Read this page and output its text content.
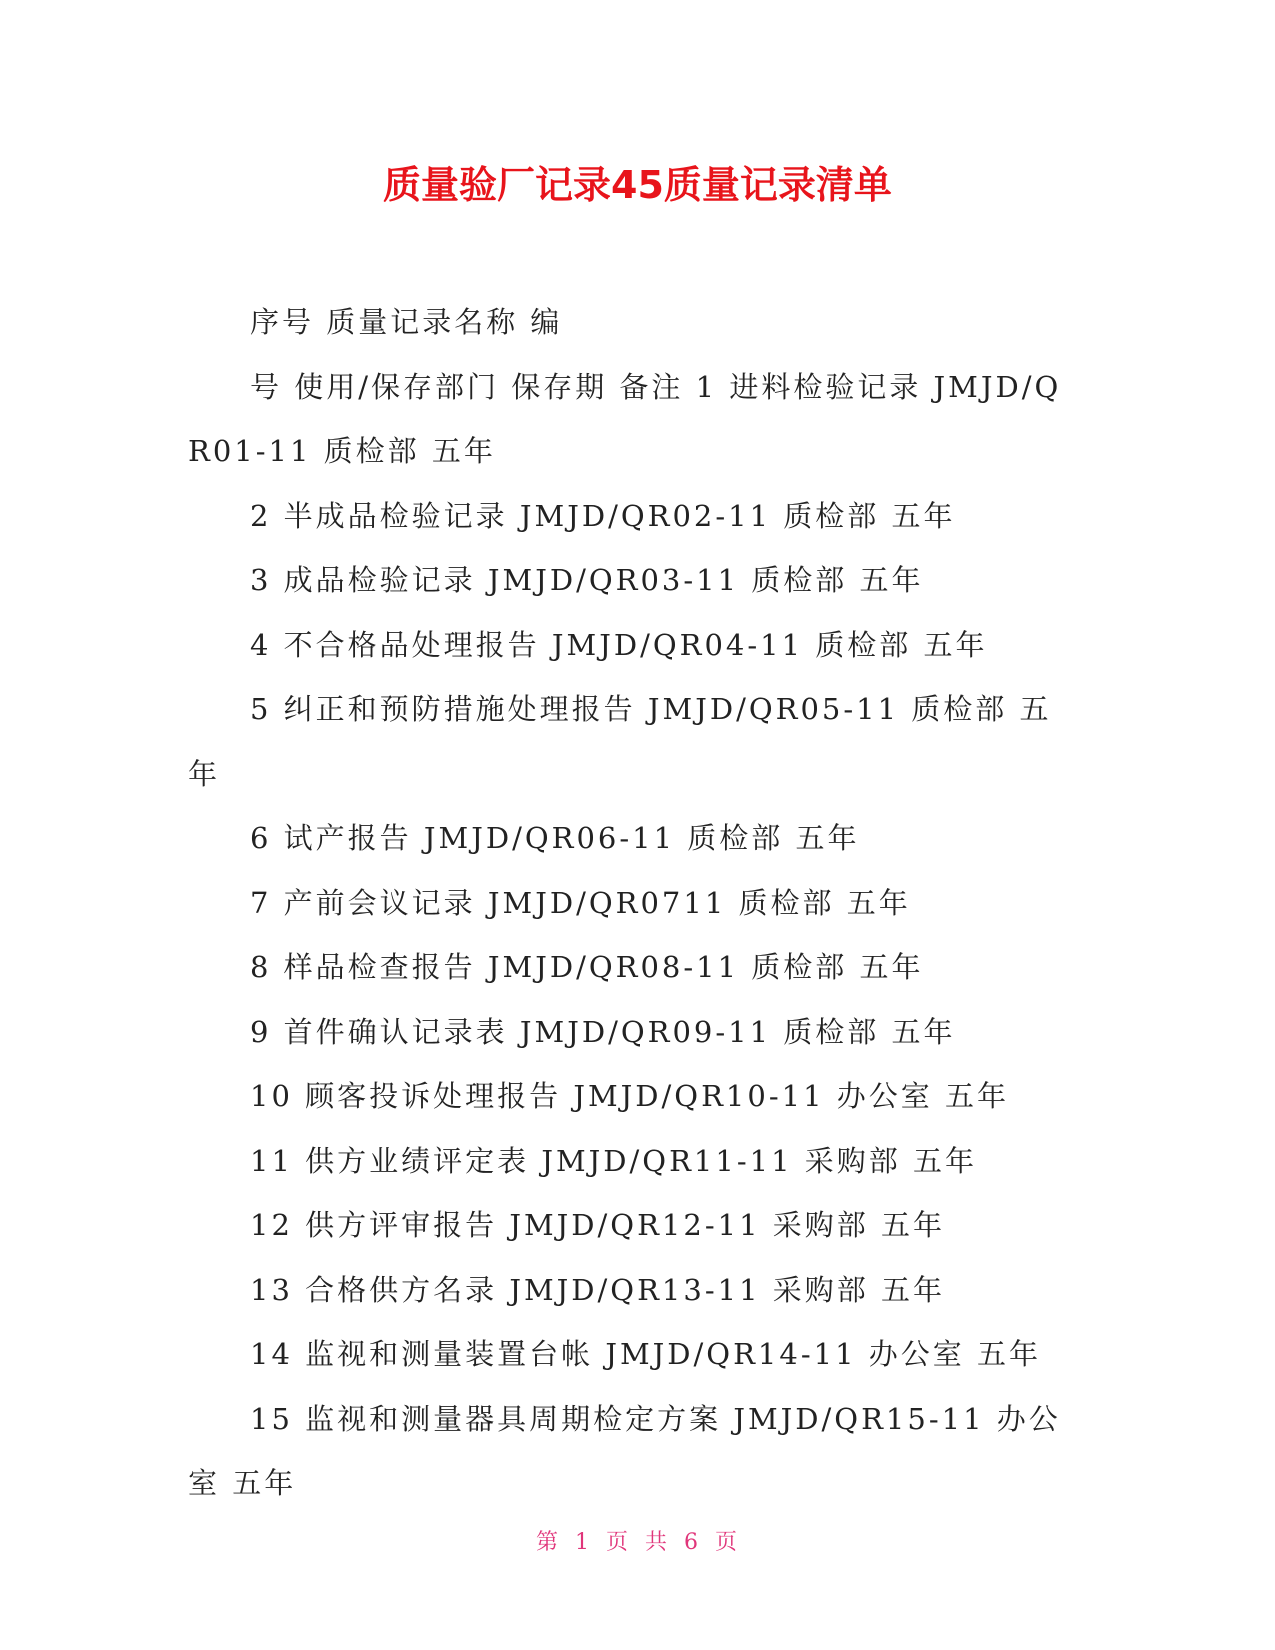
质量验厂记录45质量记录清单

序号 质量记录名称 编

号 使用/保存部门 保存期 备注 1 进料检验记录 JMJD/QR01-11 质检部 五年

2 半成品检验记录 JMJD/QR02-11 质检部 五年

3 成品检验记录 JMJD/QR03-11 质检部 五年

4 不合格品处理报告 JMJD/QR04-11 质检部 五年

5 纠正和预防措施处理报告 JMJD/QR05-11 质检部 五年

6 试产报告 JMJD/QR06-11 质检部 五年

7 产前会议记录 JMJD/QR0711 质检部 五年

8 样品检查报告 JMJD/QR08-11 质检部 五年

9 首件确认记录表 JMJD/QR09-11 质检部 五年

10 顾客投诉处理报告 JMJD/QR10-11 办公室 五年

11 供方业绩评定表 JMJD/QR11-11 采购部 五年

12 供方评审报告 JMJD/QR12-11 采购部 五年

13 合格供方名录 JMJD/QR13-11 采购部 五年

14 监视和测量装置台帐 JMJD/QR14-11 办公室 五年

15 监视和测量器具周期检定方案 JMJD/QR15-11 办公室 五年

第 1 页 共 6 页
